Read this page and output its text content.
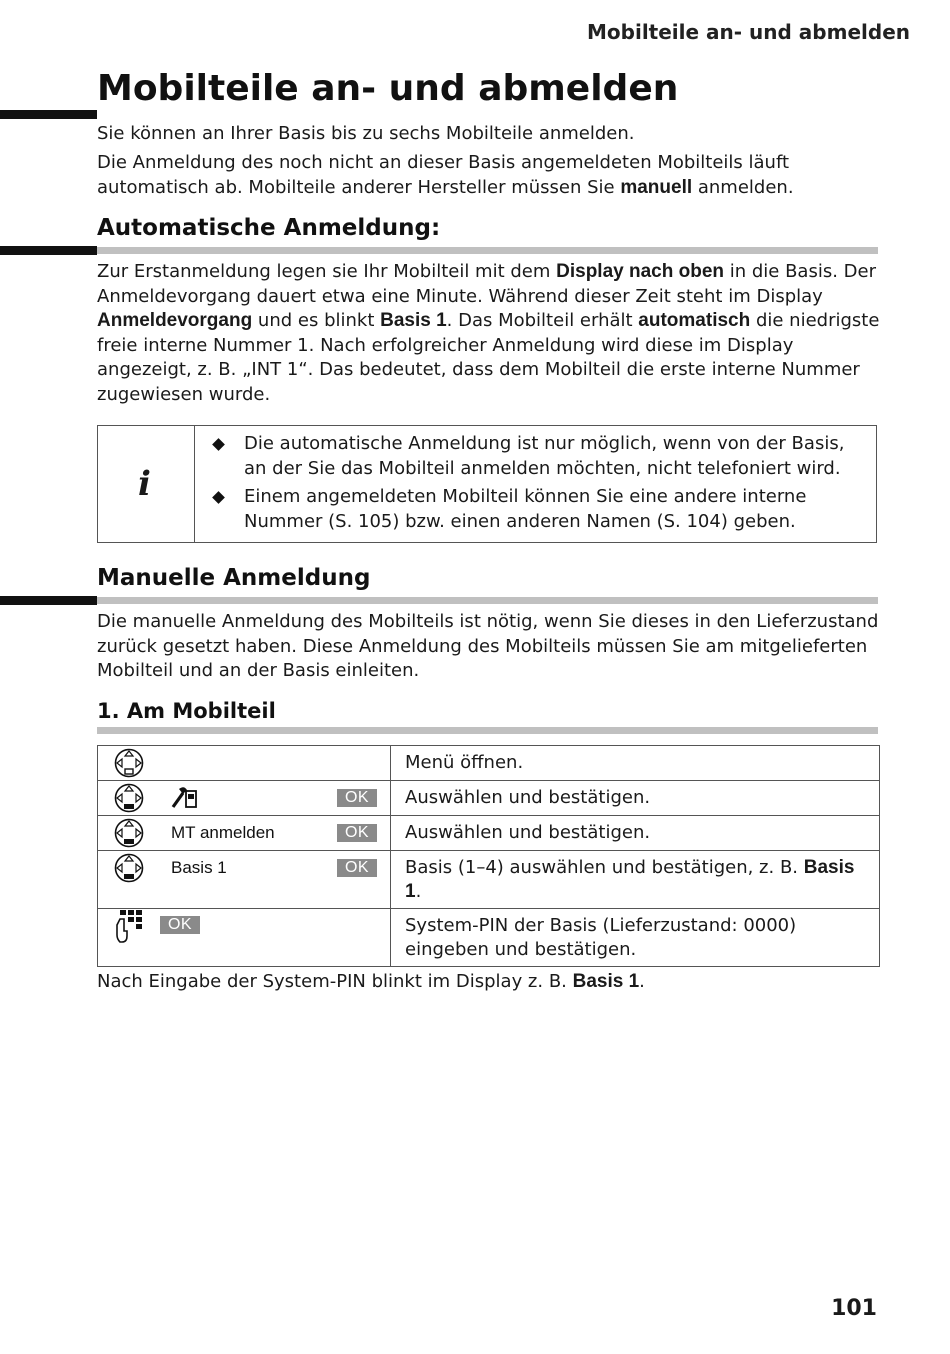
Mobilteile an- und abmelden
Mobilteile an- und abmelden

Sie können an Ihrer Basis bis zu sechs Mobilteile anmelden.

Die Anmeldung des noch nicht an dieser Basis angemeldeten Mobilteils läuft automatisch ab. Mobilteile anderer Hersteller müssen Sie manuell anmelden.

Automatische Anmeldung:

Zur Erstanmeldung legen sie Ihr Mobilteil mit dem Display nach oben in die Basis. Der Anmeldevorgang dauert etwa eine Minute. Während dieser Zeit steht im Display Anmeldevorgang und es blinkt Basis 1. Das Mobilteil erhält automatisch die niedrigste freie interne Nummer 1. Nach erfolgreicher Anmeldung wird diese im Display angezeigt, z. B. „INT 1“. Das bedeutet, dass dem Mobilteil die erste interne Nummer zugewiesen wurde.

i
Die automatische Anmeldung ist nur möglich, wenn von der Basis, an der Sie das Mobilteil anmelden möchten, nicht telefoniert wird.
Einem angemeldeten Mobilteil können Sie eine andere interne Nummer (S. 105) bzw. einen anderen Namen (S. 104) geben.
Manuelle Anmeldung

Die manuelle Anmeldung des Mobilteils ist nötig, wenn Sie dieses in den Lieferzustand zurück gesetzt haben. Diese Anmeldung des Mobilteils müssen Sie am mitgelieferten Mobilteil und an der Basis einleiten.

1. Am Mobilteil
	Menü öffnen.

OK	Auswählen und bestätigen.

MT anmelden OK	Auswählen und bestätigen.

Basis 1 OK	Basis (1–4) auswählen und bestätigen, z. B. Basis 1.

OK	System-PIN der Basis (Lieferzustand: 0000) eingeben und bestätigen.

Nach Eingabe der System-PIN blinkt im Display z. B. Basis 1.

101
